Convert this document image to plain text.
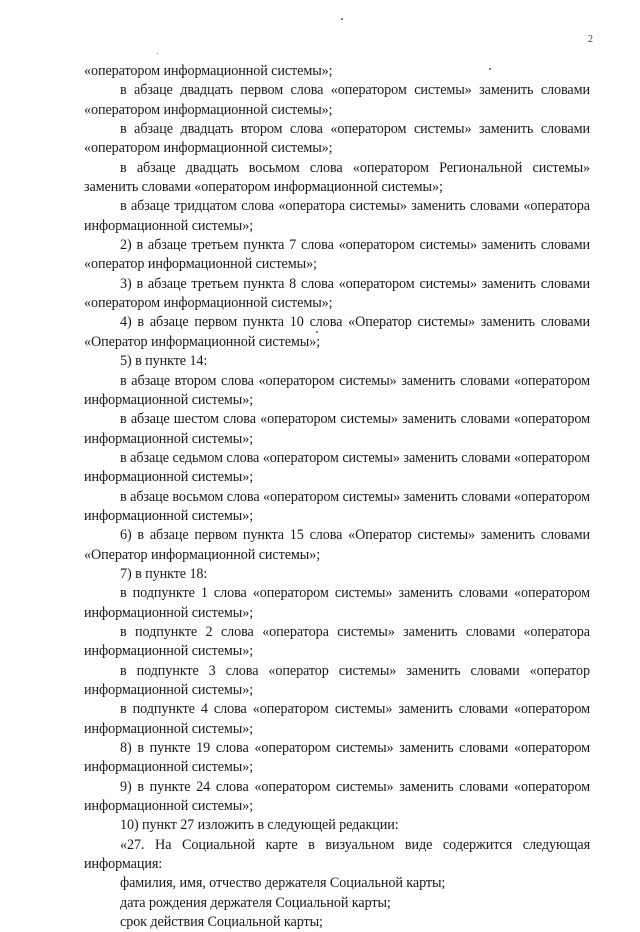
2

«оператором информационной системы»;

в абзаце двадцать первом слова «оператором системы» заменить словами «оператором информационной системы»;

в абзаце двадцать втором слова «оператором системы» заменить словами «оператором информационной системы»;

в абзаце двадцать восьмом слова «оператором Региональной системы» заменить словами «оператором информационной системы»;

в абзаце тридцатом слова «оператора системы» заменить словами «оператора информационной системы»;

2) в абзаце третьем пункта 7 слова «оператором системы» заменить словами «оператор информационной системы»;

3) в абзаце третьем пункта 8 слова «оператором системы» заменить словами «оператором информационной системы»;

4) в абзаце первом пункта 10 слова «Оператор системы» заменить словами «Оператор информационной системы»;

5) в пункте 14:

в абзаце втором слова «оператором системы» заменить словами «оператором информационной системы»;

в абзаце шестом слова «оператором системы» заменить словами «оператором информационной системы»;

в абзаце седьмом слова «оператором системы» заменить словами «оператором информационной системы»;

в абзаце восьмом слова «оператором системы» заменить словами «оператором информационной системы»;

6) в абзаце первом пункта 15 слова «Оператор системы» заменить словами «Оператор информационной системы»;

7) в пункте 18:

в подпункте 1 слова «оператором системы» заменить словами «оператором информационной системы»;

в подпункте 2 слова «оператора системы» заменить словами «оператора информационной системы»;

в подпункте 3 слова «оператор системы» заменить словами «оператор информационной системы»;

в подпункте 4 слова «оператором системы» заменить словами «оператором информационной системы»;

8) в пункте 19 слова «оператором системы» заменить словами «оператором информационной системы»;

9) в пункте 24 слова «оператором системы» заменить словами «оператором информационной системы»;

10) пункт 27 изложить в следующей редакции:

«27. На Социальной карте в визуальном виде содержится следующая информация:

фамилия, имя, отчество держателя Социальной карты;

дата рождения держателя Социальной карты;

срок действия Социальной карты;
